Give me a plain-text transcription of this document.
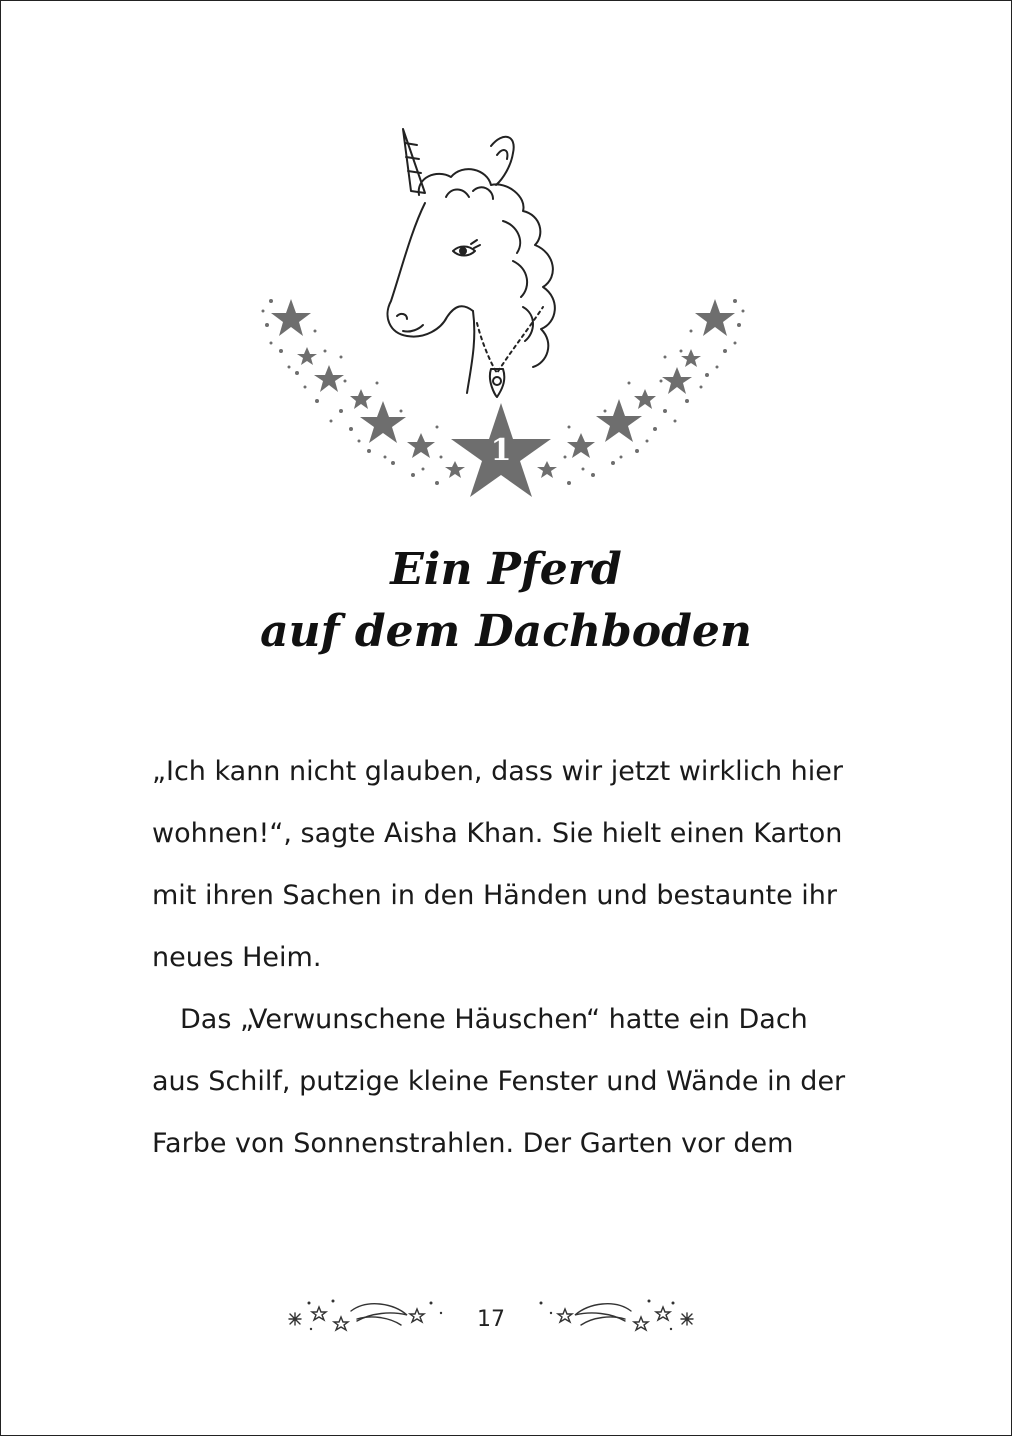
1
Ein Pferd
auf dem Dachboden
„Ich kann nicht glauben, dass wir jetzt wirklich hier
wohnen!“, sagte Aisha Khan. Sie hielt einen Karton
mit ihren Sachen in den Händen und bestaunte ihr
neues Heim.
Das „Verwunschene Häuschen“ hatte ein Dach
aus Schilf, putzige kleine Fenster und Wände in der
Farbe von Sonnenstrahlen. Der Garten vor dem
17
